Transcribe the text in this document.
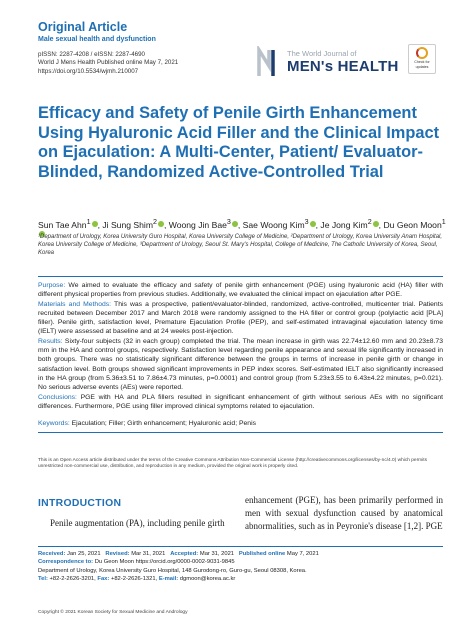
Original Article
Male sexual health and dysfunction
pISSN: 2287-4208 / eISSN: 2287-4690
World J Mens Health Published online May 7, 2021
https://doi.org/10.5534/wjmh.210007
The World Journal of
MEN's HEALTH	Check for
updates
Efficacy and Safety of Penile Girth Enhancement Using Hyaluronic Acid Filler and the Clinical Impact on Ejaculation: A Multi-Center, Patient/ Evaluator-Blinded, Randomized Active-Controlled Trial
Sun Tae Ahn$^1$ , Ji Sung Shim$^2$ , Woong Jin Bae$^3$ , Sae Woong Kim$^3$ , Je Jong Kim$^2$ , Du Geon Moon$^1$
¹Department of Urology, Korea University Guro Hospital, Korea University College of Medicine, ²Department of Urology, Korea University Anam Hospital, Korea University College of Medicine, ³Department of Urology, Seoul St. Mary's Hospital, College of Medicine, The Catholic University of Korea, Seoul, Korea

Purpose: We aimed to evaluate the efficacy and safety of penile girth enhancement (PGE) using hyaluronic acid (HA) filler with different physical properties from previous studies. Additionally, we evaluated the clinical impact on ejaculation after PGE.

Materials and Methods: This was a prospective, patient/evaluator-blinded, randomized, active-controlled, multicenter trial. Patients recruited between December 2017 and March 2018 were randomly assigned to the HA filler or control group (polylactic acid [PLA] filler). Penile girth, satisfaction level, Premature Ejaculation Profile (PEP), and self-estimated intravaginal ejaculation latency time (IELT) were assessed at baseline and at 24 weeks post-injection.

Results: Sixty-four subjects (32 in each group) completed the trial. The mean increase in girth was 22.74±12.60 mm and 20.23±8.73 mm in the HA and control groups, respectively. Satisfaction level regarding penile appearance and sexual life significantly increased in both groups. There was no statistically significant difference between the groups in terms of increase in penile girth or change in satisfaction level. Both groups showed significant improvements in PEP index scores. Self-estimated IELT also significantly increased in the HA group (from 5.36±3.51 to 7.86±4.73 minutes, p=0.0001) and control group (from 5.23±3.55 to 6.43±4.22 minutes, p=0.021). No serious adverse events (AEs) were reported.

Conclusions: PGE with HA and PLA fillers resulted in significant enhancement of girth without serious AEs with no significant differences. Furthermore, PGE using filler improved clinical symptoms related to ejaculation.

Keywords: Ejaculation; Filler; Girth enhancement; Hyaluronic acid; Penis

This is an Open Access article distributed under the terms of the Creative Commons Attribution Non-Commercial License (http://creativecommons.org/licenses/by-nc/4.0) which permits unrestricted non-commercial use, distribution, and reproduction in any medium, provided the original work is properly cited.

INTRODUCTION

Penile augmentation (PA), including penile girth

enhancement (PGE), has been primarily performed in men with sexual dysfunction caused by anatomical abnormalities, such as in Peyronie's disease [1,2]. PGE

Received: Jan 25, 2021 Revised: Mar 31, 2021 Accepted: Mar 31, 2021 Published online May 7, 2021
Correspondence to: Du Geon Moon https://orcid.org/0000-0002-9031-9845
Department of Urology, Korea University Guro Hospital, 148 Gurodong-ro, Guro-gu, Seoul 08308, Korea.
Tel: +82-2-2626-3201, Fax: +82-2-2626-1321, E-mail: dgmoon@korea.ac.kr
Copyright © 2021 Korean Society for Sexual Medicine and Andrology
